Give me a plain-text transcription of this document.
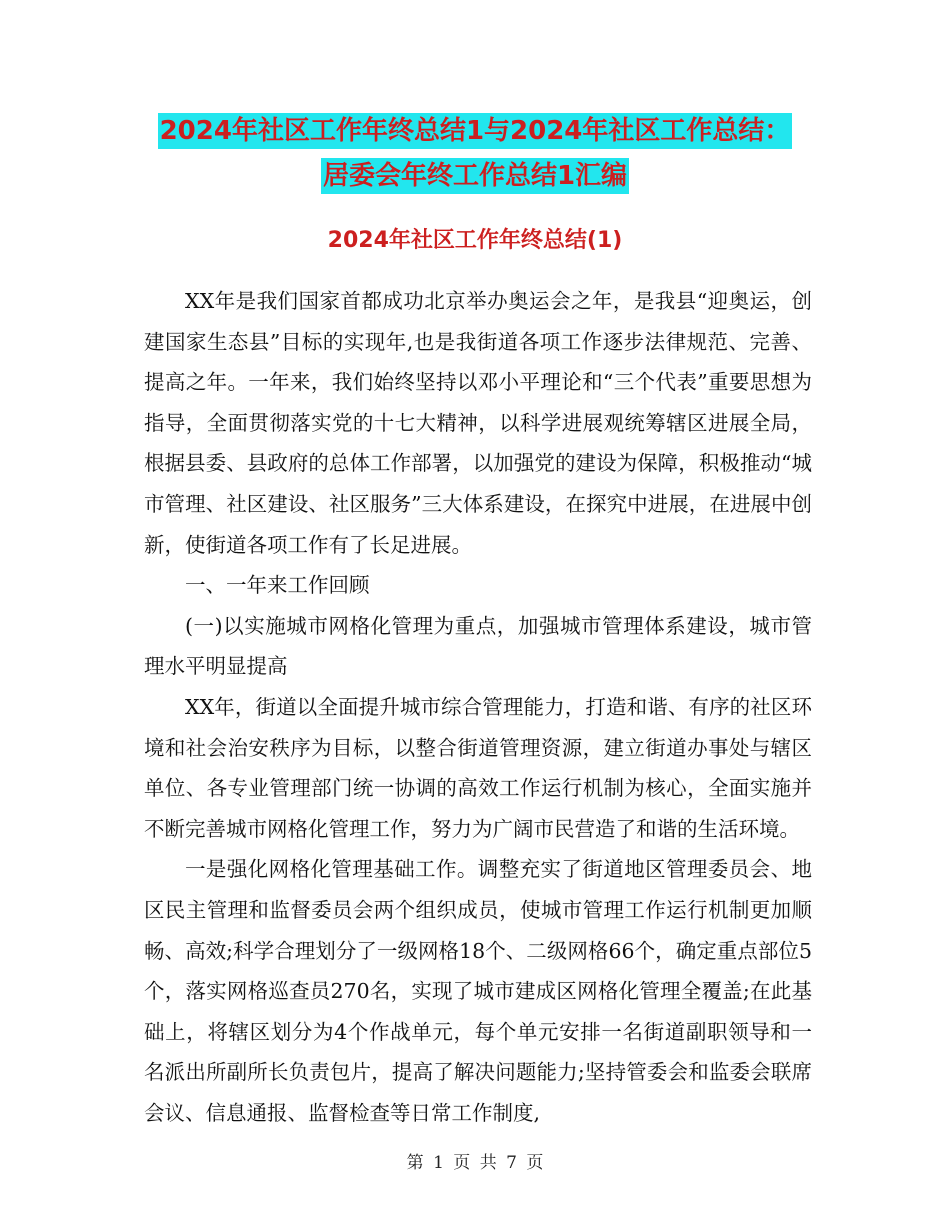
2024年社区工作年终总结1与2024年社区工作总结：
居委会年终工作总结1汇编
2024年社区工作年终总结(1)

XX年是我们国家首都成功北京举办奥运会之年，是我县“迎奥运，创建国家生态县”目标的实现年,也是我街道各项工作逐步法律规范、完善、提高之年。一年来，我们始终坚持以邓小平理论和“三个代表”重要思想为指导，全面贯彻落实党的十七大精神，以科学进展观统筹辖区进展全局，根据县委、县政府的总体工作部署，以加强党的建设为保障，积极推动“城市管理、社区建设、社区服务”三大体系建设，在探究中进展，在进展中创新，使街道各项工作有了长足进展。

一、一年来工作回顾

(一)以实施城市网格化管理为重点，加强城市管理体系建设，城市管理水平明显提高

XX年，街道以全面提升城市综合管理能力，打造和谐、有序的社区环境和社会治安秩序为目标，以整合街道管理资源，建立街道办事处与辖区单位、各专业管理部门统一协调的高效工作运行机制为核心，全面实施并不断完善城市网格化管理工作，努力为广阔市民营造了和谐的生活环境。

一是强化网格化管理基础工作。调整充实了街道地区管理委员会、地区民主管理和监督委员会两个组织成员，使城市管理工作运行机制更加顺畅、高效;科学合理划分了一级网格18个、二级网格66个，确定重点部位5个，落实网格巡查员270名，实现了城市建成区网格化管理全覆盖;在此基础上，将辖区划分为4个作战单元，每个单元安排一名街道副职领导和一名派出所副所长负责包片，提高了解决问题能力;坚持管委会和监委会联席会议、信息通报、监督检查等日常工作制度,

第 1 页 共 7 页
